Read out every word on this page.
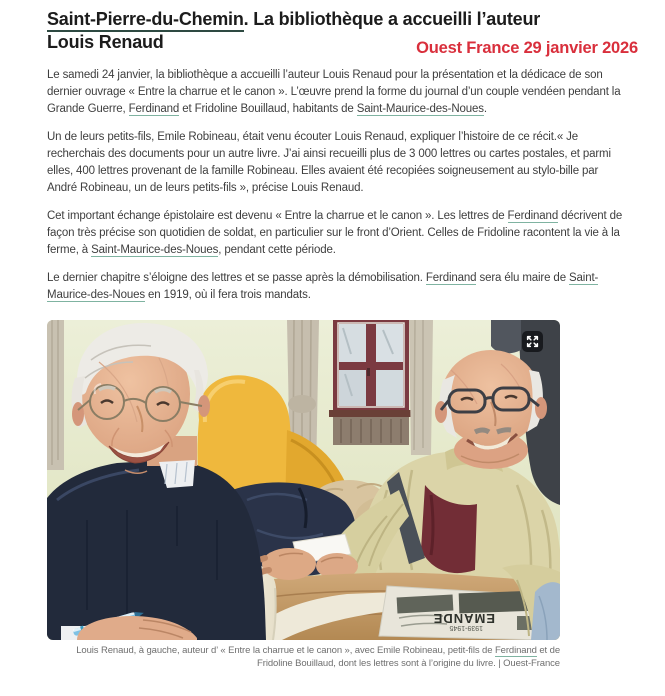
Saint-Pierre-du-Chemin. La bibliothèque a accueilli l’auteur Louis Renaud	Ouest France 29 janvier 2026

Le samedi 24 janvier, la bibliothèque a accueilli l’auteur Louis Renaud pour la présentation et la dédicace de son dernier ouvrage « Entre la charrue et le canon ». L’œuvre prend la forme du journal d’un couple vendéen pendant la Grande Guerre, Ferdinand et Fridoline Bouillaud, habitants de Saint-Maurice-des-Noues.

Un de leurs petits-fils, Emile Robineau, était venu écouter Louis Renaud, expliquer l’histoire de ce récit.« Je recherchais des documents pour un autre livre. J’ai ainsi recueilli plus de 3 000 lettres ou cartes postales, et parmi elles, 400 lettres provenant de la famille Robineau. Elles avaient été recopiées soigneusement au stylo-bille par André Robineau, un de leurs petits-fils », précise Louis Renaud.

Cet important échange épistolaire est devenu « Entre la charrue et le canon ». Les lettres de Ferdinand décrivent de façon très précise son quotidien de soldat, en particulier sur le front d’Orient. Celles de Fridoline racontent la vie à la ferme, à Saint-Maurice-des-Noues, pendant cette période.

Le dernier chapitre s’éloigne des lettres et se passe après la démobilisation. Ferdinand sera élu maire de Saint-Maurice-des-Noues en 1919, où il fera trois mandats.

EMANDE
1939-1945
Louis Renaud, à gauche, auteur d’ « Entre la charrue et le canon », avec Emile Robineau, petit-fils de Ferdinand et de Fridoline Bouillaud, dont les lettres sont à l’origine du livre. | Ouest-France
